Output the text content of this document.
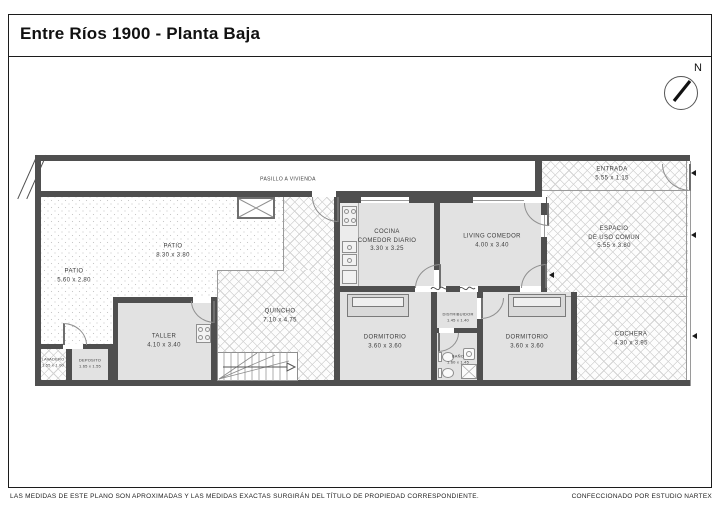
Entre Ríos 1900 - Planta Baja
N
PASILLO A VIVIENDA
ENTRADA
5.55 x 1.15
ESPACIO
DE USO COMUN
5.55 x 3.80
COCHERA
4.30 x 3.95
QUINCHO
7.10 x 4.75
PATIO
5.60 x 2.80
PATIO
8.30 x 3.80
TALLER
4.10 x 3.40
LAVADERO
1.55 x 1.00
DEPOSITO
1.65 x 1.55
COCINA
COMEDOR DIARIO
3.30 x 3.25
LIVING COMEDOR
4.00 x 3.40
DORMITORIO
3.60 x 3.60
DISTRIBUIDOR
1.45 x 1.40
BAÑO
1.60 x 1.45
DORMITORIO
3.60 x 3.60
LAS MEDIDAS DE ESTE PLANO SON APROXIMADAS Y LAS MEDIDAS EXACTAS SURGIRÁN DEL TÍTULO DE PROPIEDAD CORRESPONDIENTE.	CONFECCIONADO POR ESTUDIO NARTEX
